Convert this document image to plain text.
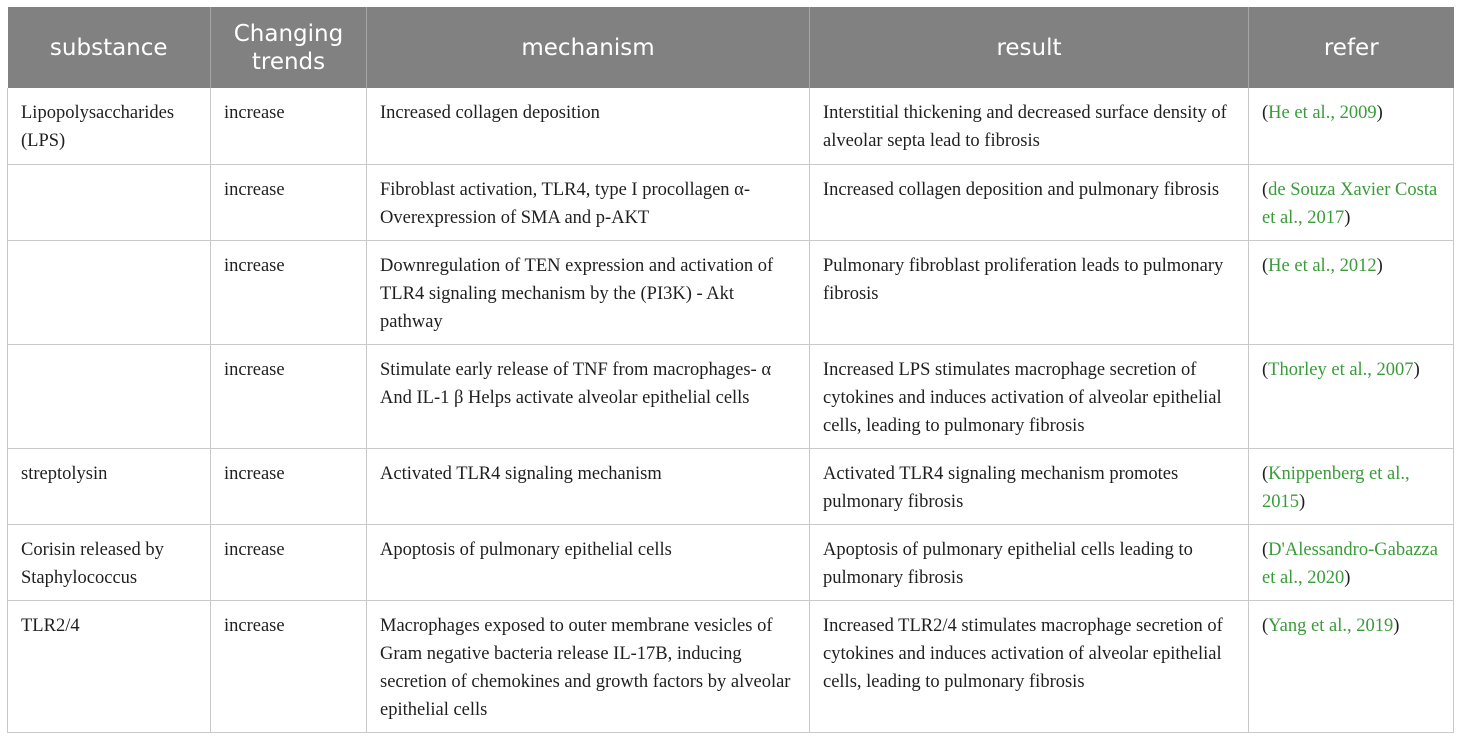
substance	Changing trends	mechanism	result	refer
Lipopolysaccharides (LPS)	increase	Increased collagen deposition	Interstitial thickening and decreased surface density of alveolar septa lead to fibrosis	(He et al., 2009)
	increase	Fibroblast activation, TLR4, type I procollagen α- Overexpression of SMA and p-AKT	Increased collagen deposition and pulmonary fibrosis	(de Souza Xavier Costa et al., 2017)
	increase	Downregulation of TEN expression and activation of TLR4 signaling mechanism by the (PI3K) - Akt pathway	Pulmonary fibroblast proliferation leads to pulmonary fibrosis	(He et al., 2012)
	increase	Stimulate early release of TNF from macrophages- α And IL-1 β Helps activate alveolar epithelial cells	Increased LPS stimulates macrophage secretion of cytokines and induces activation of alveolar epithelial cells, leading to pulmonary fibrosis	(Thorley et al., 2007)
streptolysin	increase	Activated TLR4 signaling mechanism	Activated TLR4 signaling mechanism promotes pulmonary fibrosis	(Knippenberg et al., 2015)
Corisin released by Staphylococcus	increase	Apoptosis of pulmonary epithelial cells	Apoptosis of pulmonary epithelial cells leading to pulmonary fibrosis	(D'Alessandro-Gabazza et al., 2020)
TLR2/4	increase	Macrophages exposed to outer membrane vesicles of Gram negative bacteria release IL-17B, inducing secretion of chemokines and growth factors by alveolar epithelial cells	Increased TLR2/4 stimulates macrophage secretion of cytokines and induces activation of alveolar epithelial cells, leading to pulmonary fibrosis	(Yang et al., 2019)
